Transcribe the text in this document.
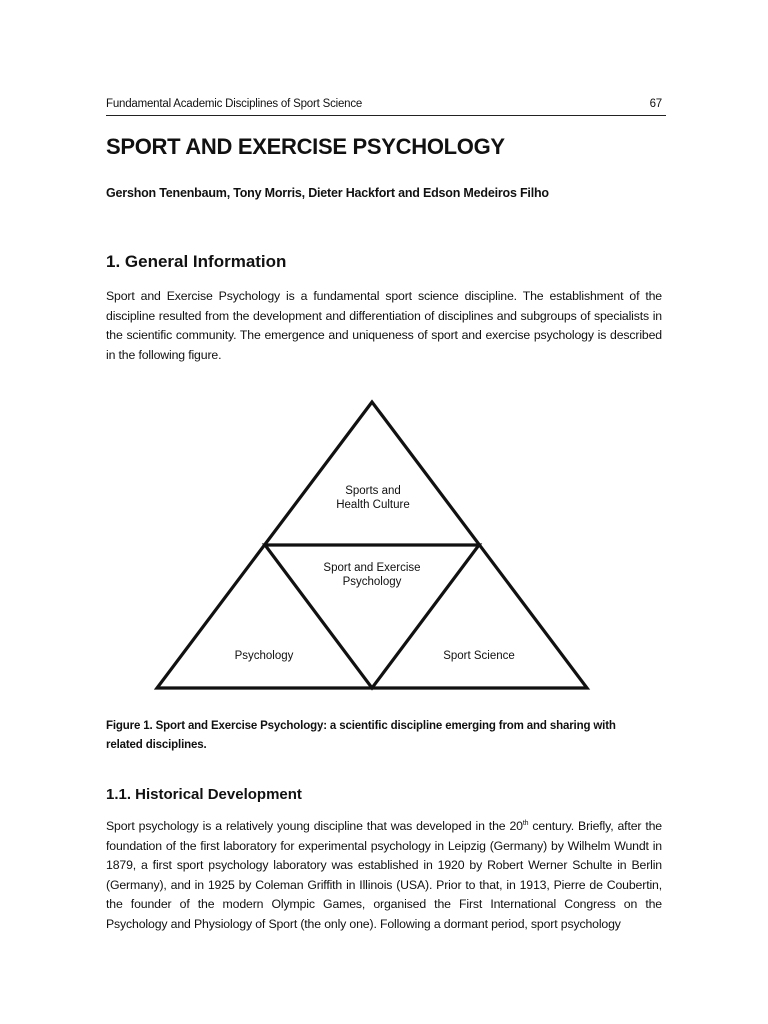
Fundamental Academic Disciplines of Sport Science	67
SPORT AND EXERCISE PSYCHOLOGY
Gershon Tenenbaum, Tony Morris, Dieter Hackfort and Edson Medeiros Filho
1. General Information

Sport and Exercise Psychology is a fundamental sport science discipline. The establishment of the discipline resulted from the development and differentiation of disciplines and subgroups of specialists in the scientific community. The emergence and uniqueness of sport and exercise psychology is described in the following figure.

Sports and
Health Culture
Sport and Exercise
Psychology
Psychology	Sport Science

Figure 1. Sport and Exercise Psychology: a scientific discipline emerging from and sharing with related disciplines.

1.1. Historical Development

Sport psychology is a relatively young discipline that was developed in the 20th century. Briefly, after the foundation of the first laboratory for experimental psychology in Leipzig (Germany) by Wilhelm Wundt in 1879, a first sport psychology laboratory was established in 1920 by Robert Werner Schulte in Berlin (Germany), and in 1925 by Coleman Griffith in Illinois (USA). Prior to that, in 1913, Pierre de Coubertin, the founder of the modern Olympic Games, organised the First International Congress on the Psychology and Physiology of Sport (the only one). Following a dormant period, sport psychology
